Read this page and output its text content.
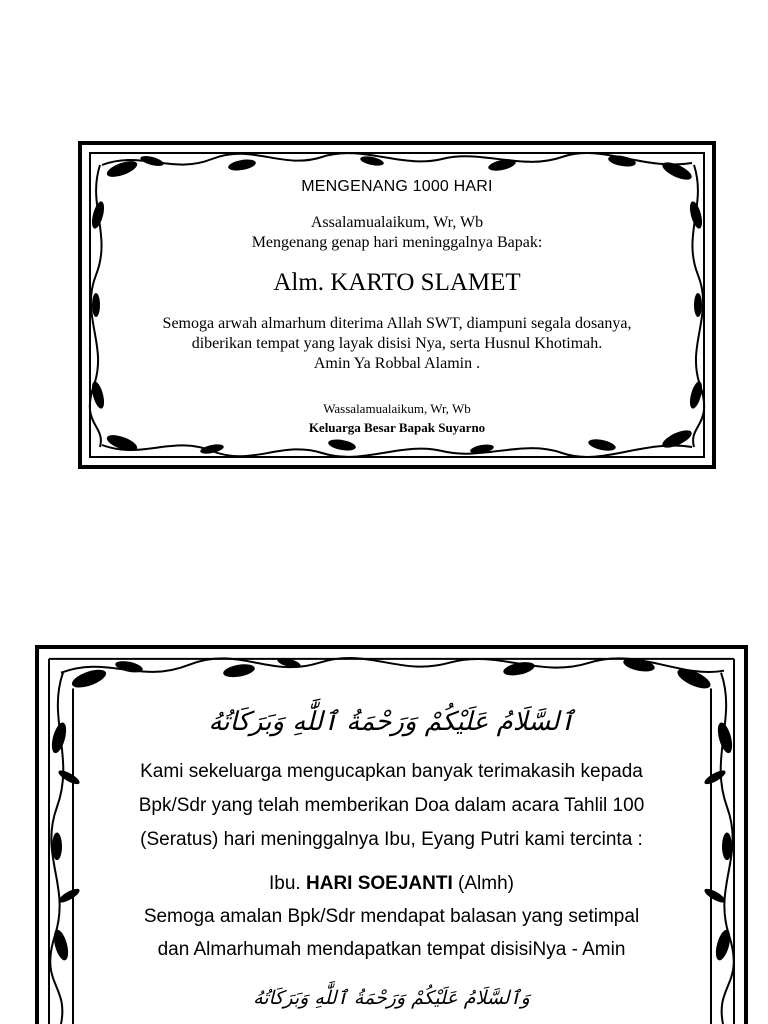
MENGENANG 1000 HARI
Assalamualaikum, Wr, Wb
Mengenang genap hari meninggalnya Bapak:
Alm. KARTO SLAMET
Semoga arwah almarhum diterima Allah SWT, diampuni segala dosanya,
diberikan tempat yang layak disisi Nya, serta Husnul Khotimah.
Amin Ya Robbal Alamin .
Wassalamualaikum, Wr, Wb
Keluarga Besar Bapak Suyarno
ٱلسَّلَامُ عَلَيْكُمْ وَرَحْمَةُ ٱللَّٰهِ وَبَرَكَاتُهُ
Kami sekeluarga mengucapkan banyak terimakasih kepada
Bpk/Sdr yang telah memberikan Doa dalam acara Tahlil 100
(Seratus) hari meninggalnya Ibu, Eyang Putri kami tercinta :
Ibu. HARI SOEJANTI (Almh)
Semoga amalan Bpk/Sdr mendapat balasan yang setimpal
dan Almarhumah mendapatkan tempat disisiNya - Amin
وَٱلسَّلَامُ عَلَيْكُمْ وَرَحْمَةُ ٱللَّٰهِ وَبَرَكَاتُهُ
